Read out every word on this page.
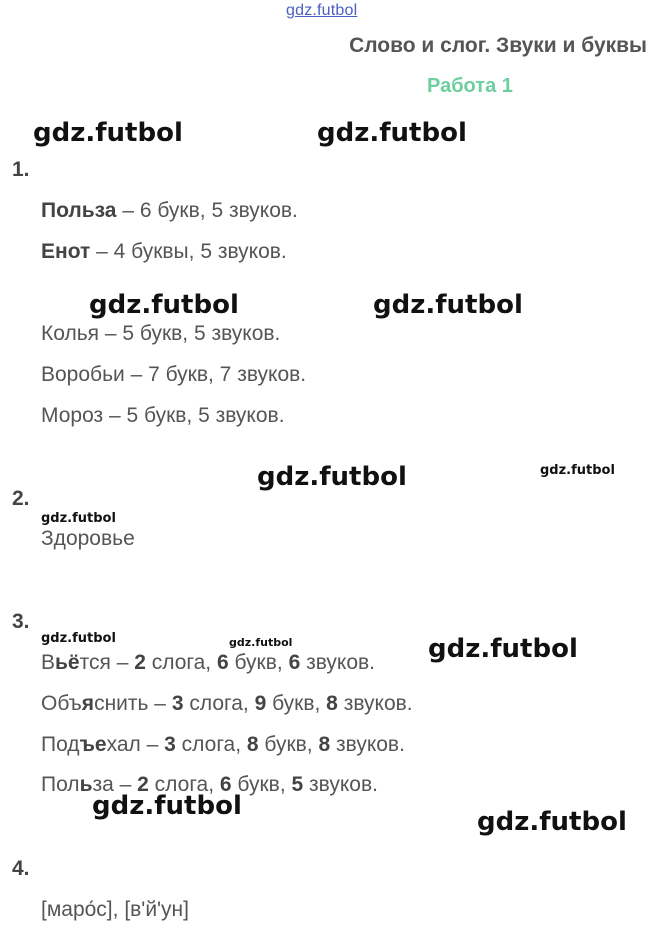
gdz.futbol
Слово и слог. Звуки и буквы
Работа 1
gdz.futbol	gdz.futbol
gdz.futbol	gdz.futbol
gdz.futbol	gdz.futbol
gdz.futbol
gdz.futbol	gdz.futbol	gdz.futbol
gdz.futbol
gdz.futbol
1.
Польза – 6 букв, 5 звуков.
Енот – 4 буквы, 5 звуков.
Колья – 5 букв, 5 звуков.
Воробьи – 7 букв, 7 звуков.
Мороз – 5 букв, 5 звуков.
2.
Здоровье
3.
Вьётся – 2 слога, 6 букв, 6 звуков.
Объяснить – 3 слога, 9 букв, 8 звуков.
Подъехал – 3 слога, 8 букв, 8 звуков.
Польза – 2 слога, 6 букв, 5 звуков.
4.
[маро́с], [в'й'ун]
